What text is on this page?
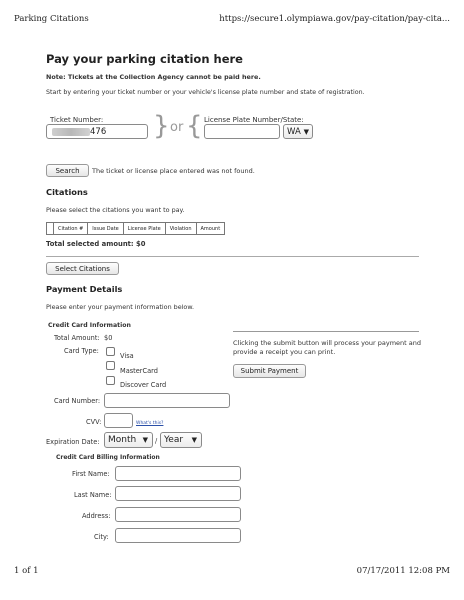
Parking Citations	https://secure1.olympiawa.gov/pay-citation/pay-cita...
Pay your parking citation here
Note: Tickets at the Collection Agency cannot be paid here.
Start by entering your ticket number or your vehicle's license plate number and state of registration.
Ticket Number:
476 } or { License Plate Number/State:
WA ▼
Search	The ticket or license place entered was not found.
Citations
Please select the citations you want to pay.
	Citation #	Issue Date	License Plate	Violation	Amount
Total selected amount: $0
Select Citations
Payment Details
Please enter your payment information below.
Credit Card Information
Total Amount: $0
Card Type:
Visa
MasterCard
Discover Card
Card Number:
CVV:	What's this?
Expiration Date: Month ▼ / Year ▼
Clicking the submit button will process your payment and provide a receipt you can print.
Submit Payment
Credit Card Billing Information
First Name:
Last Name:
Address:
City:
1 of 1	07/17/2011 12:08 PM
